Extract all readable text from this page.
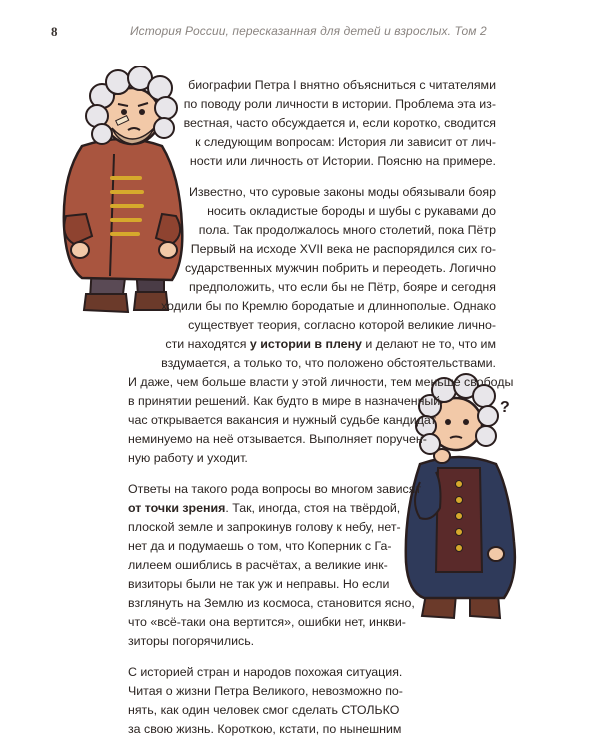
8	История России, пересказанная для детей и взрослых. Том 2
?
биографии Петра I внятно объясниться с читателями
по поводу роли личности в истории. Проблема эта из-
вестная, часто обсуждается и, если коротко, сводится
к следующим вопросам: История ли зависит от лич-
ности или личность от Истории. Поясню на примере.
Известно, что суровые законы моды обязывали бояр
носить окладистые бороды и шубы с рукавами до
пола. Так продолжалось много столетий, пока Пётр
Первый на исходе XVII века не распорядился сих го-
сударственных мужчин побрить и переодеть. Логично
предположить, что если бы не Пётр, бояре и сегодня
ходили бы по Кремлю бородатые и длиннополые. Однако
существует теория, согласно которой великие лично-
сти находятся у истории в плену и делают не то, что им
вздумается, а только то, что положено обстоятельствами.
И даже, чем больше власти у этой личности, тем меньше свободы
в принятии решений. Как будто в мире в назначенный
час открывается вакансия и нужный судьбе кандидат
неминуемо на неё отзывается. Выполняет поручен-
ную работу и уходит.
Ответы на такого рода вопросы во многом зависят
от точки зрения. Так, иногда, стоя на твёрдой,
плоской земле и запрокинув голову к небу, нет-
нет да и подумаешь о том, что Коперник с Га-
лилеем ошиблись в расчётах, а великие инк-
визиторы были не так уж и неправы. Но если
взглянуть на Землю из космоса, становится ясно,
что «всё-таки она вертится», ошибки нет, инкви-
зиторы погорячились.
С историей стран и народов похожая ситуация.
Читая о жизни Петра Великого, невозможно по-
нять, как один человек смог сделать СТОЛЬКО
за свою жизнь. Короткою, кстати, по нынешним
